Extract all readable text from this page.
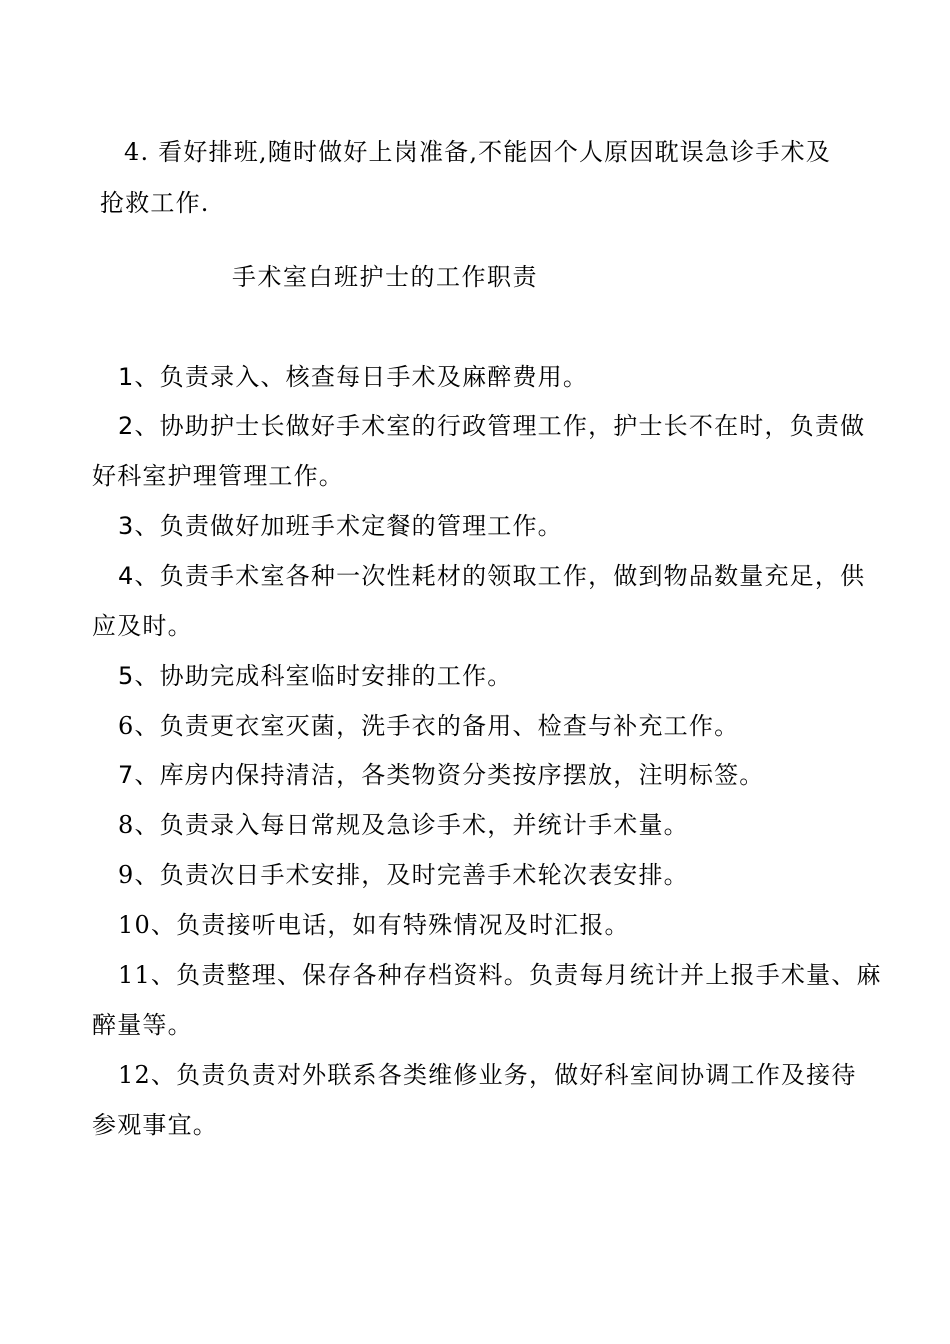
4. 看好排班,随时做好上岗准备,不能因个人原因耽误急诊手术及
抢救工作.
手术室白班护士的工作职责
1、负责录入、核查每日手术及麻醉费用。
2、协助护士长做好手术室的行政管理工作，护士长不在时，负责做
好科室护理管理工作。
3、负责做好加班手术定餐的管理工作。
4、负责手术室各种一次性耗材的领取工作，做到物品数量充足，供
应及时。
5、协助完成科室临时安排的工作。
6、负责更衣室灭菌，洗手衣的备用、检查与补充工作。
7、库房内保持清洁，各类物资分类按序摆放，注明标签。
8、负责录入每日常规及急诊手术，并统计手术量。
9、负责次日手术安排，及时完善手术轮次表安排。
10、负责接听电话，如有特殊情况及时汇报。
11、负责整理、保存各种存档资料。负责每月统计并上报手术量、麻
醉量等。
12、负责负责对外联系各类维修业务，做好科室间协调工作及接待
参观事宜。
